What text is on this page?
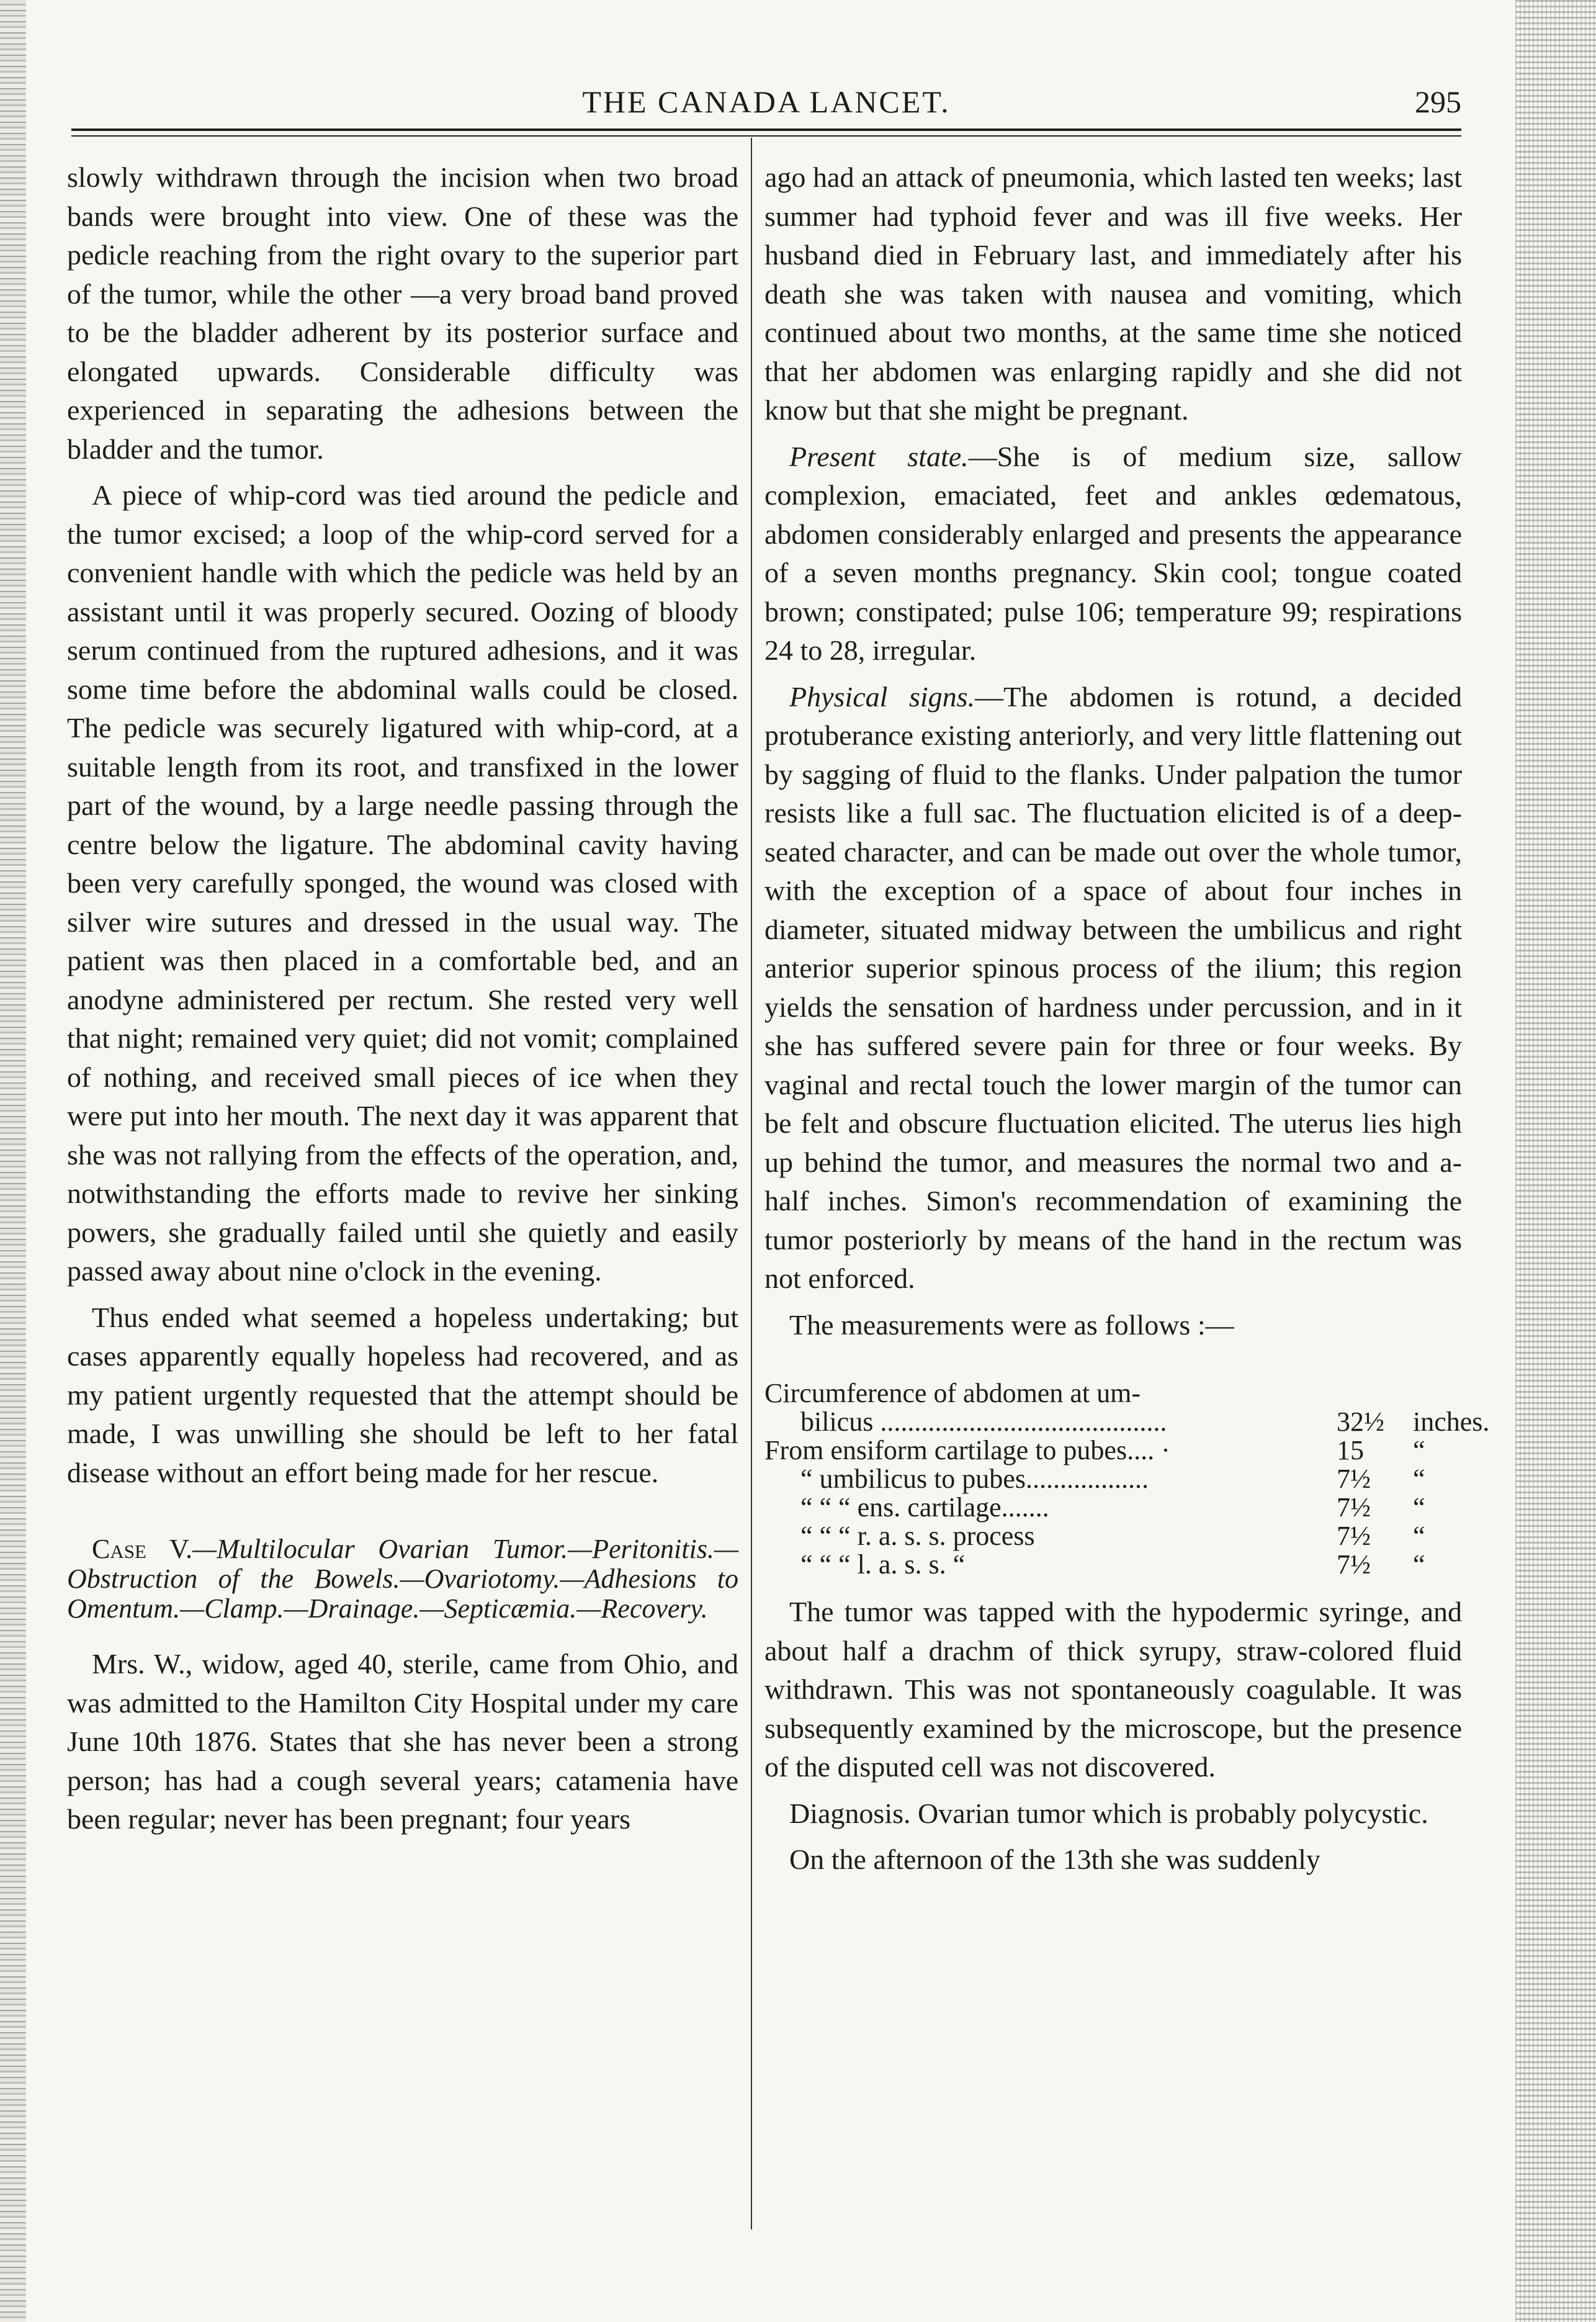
THE CANADA LANCET.	295

slowly withdrawn through the incision when two broad bands were brought into view. One of these was the pedicle reaching from the right ovary to the superior part of the tumor, while the other —a very broad band proved to be the bladder adherent by its posterior surface and elongated upwards. Considerable difficulty was experienced in separating the adhesions between the bladder and the tumor.

A piece of whip-cord was tied around the pedicle and the tumor excised; a loop of the whip-cord served for a convenient handle with which the pedicle was held by an assistant until it was properly secured. Oozing of bloody serum continued from the ruptured adhesions, and it was some time before the abdominal walls could be closed. The pedicle was securely ligatured with whip-cord, at a suitable length from its root, and transfixed in the lower part of the wound, by a large needle passing through the centre below the ligature. The abdominal cavity having been very carefully sponged, the wound was closed with silver wire sutures and dressed in the usual way. The patient was then placed in a comfortable bed, and an anodyne administered per rectum. She rested very well that night; remained very quiet; did not vomit; complained of nothing, and received small pieces of ice when they were put into her mouth. The next day it was apparent that she was not rallying from the effects of the operation, and, notwithstanding the efforts made to revive her sinking powers, she gradually failed until she quietly and easily passed away about nine o'clock in the evening.

Thus ended what seemed a hopeless undertaking; but cases apparently equally hopeless had recovered, and as my patient urgently requested that the attempt should be made, I was unwilling she should be left to her fatal disease without an effort being made for her rescue.

Case V.—Multilocular Ovarian Tumor.—Peritonitis.—Obstruction of the Bowels.—Ovariotomy.—Adhesions to Omentum.—Clamp.—Drainage.—Septicæmia.—Recovery.

Mrs. W., widow, aged 40, sterile, came from Ohio, and was admitted to the Hamilton City Hospital under my care June 10th 1876. States that she has never been a strong person; has had a cough several years; catamenia have been regular; never has been pregnant; four years

ago had an attack of pneumonia, which lasted ten weeks; last summer had typhoid fever and was ill five weeks. Her husband died in February last, and immediately after his death she was taken with nausea and vomiting, which continued about two months, at the same time she noticed that her abdomen was enlarging rapidly and she did not know but that she might be pregnant.

Present state.—She is of medium size, sallow complexion, emaciated, feet and ankles œdematous, abdomen considerably enlarged and presents the appearance of a seven months pregnancy. Skin cool; tongue coated brown; constipated; pulse 106; temperature 99; respirations 24 to 28, irregular.

Physical signs.—The abdomen is rotund, a decided protuberance existing anteriorly, and very little flattening out by sagging of fluid to the flanks. Under palpation the tumor resists like a full sac. The fluctuation elicited is of a deep-seated character, and can be made out over the whole tumor, with the exception of a space of about four inches in diameter, situated midway between the umbilicus and right anterior superior spinous process of the ilium; this region yields the sensation of hardness under percussion, and in it she has suffered severe pain for three or four weeks. By vaginal and rectal touch the lower margin of the tumor can be felt and obscure fluctuation elicited. The uterus lies high up behind the tumor, and measures the normal two and a-half inches. Simon's recommendation of examining the tumor posteriorly by means of the hand in the rectum was not enforced.

The measurements were as follows :—

Circumference of abdomen at um-
bilicus ..........................................	32½ inches.
From ensiform cartilage to pubes.... ·	15 “
“ umbilicus to pubes..................	7½ “
“ “ “ ens. cartilage.......	7½ “
“ “ “ r. a. s. s. process	7½ “
“ “ “ l. a. s. s. “	7½ “

The tumor was tapped with the hypodermic syringe, and about half a drachm of thick syrupy, straw-colored fluid withdrawn. This was not spontaneously coagulable. It was subsequently examined by the microscope, but the presence of the disputed cell was not discovered.

Diagnosis. Ovarian tumor which is probably polycystic.

On the afternoon of the 13th she was suddenly
